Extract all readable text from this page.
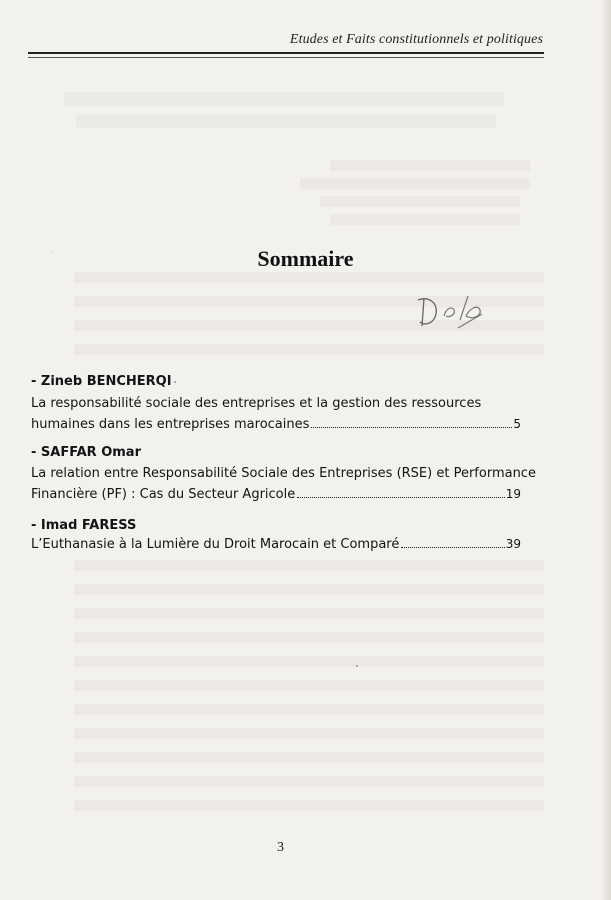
Etudes et Faits constitutionnels et politiques
Sommaire
- Zineb BENCHERQI
La responsabilité sociale des entreprises et la gestion des ressources
humaines dans les entreprises marocaines	5
- SAFFAR Omar
La relation entre Responsabilité Sociale des Entreprises (RSE) et Performance
Financière (PF) : Cas du Secteur Agricole	19
- Imad FARESS
L’Euthanasie à la Lumière du Droit Marocain et Comparé	39
3
